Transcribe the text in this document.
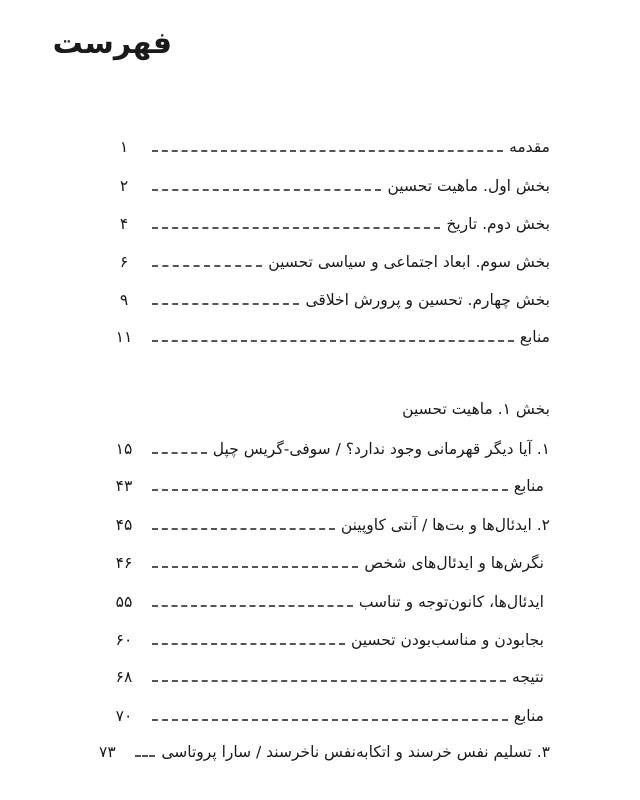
فهرست
مقدمه
۱
بخش اول. ماهیت تحسین
۲
بخش دوم. تاریخ
۴
بخش سوم. ابعاد اجتماعی و سیاسی تحسین
۶
بخش چهارم. تحسین و پرورش اخلاقی
۹
منابع
۱۱
بخش ۱. ماهیت تحسین
۱. آیا دیگر قهرمانی وجود ندارد؟ / سوفی-گریس چپل
۱۵
منابع
۴۳
۲. ایدئال‌ها و بت‌ها / آنتی کاوپینن
۴۵
نگرش‌ها و ایدئال‌های شخص
۴۶
ایدئال‌ها، کانون‌توجه و تناسب
۵۵
بجابودن و مناسب‌بودن تحسین
۶۰
نتیجه
۶۸
منابع
۷۰
۳. تسلیم نفس خرسند و اتکابه‌نفس ناخرسند / سارا پروتاسی
۷۳
